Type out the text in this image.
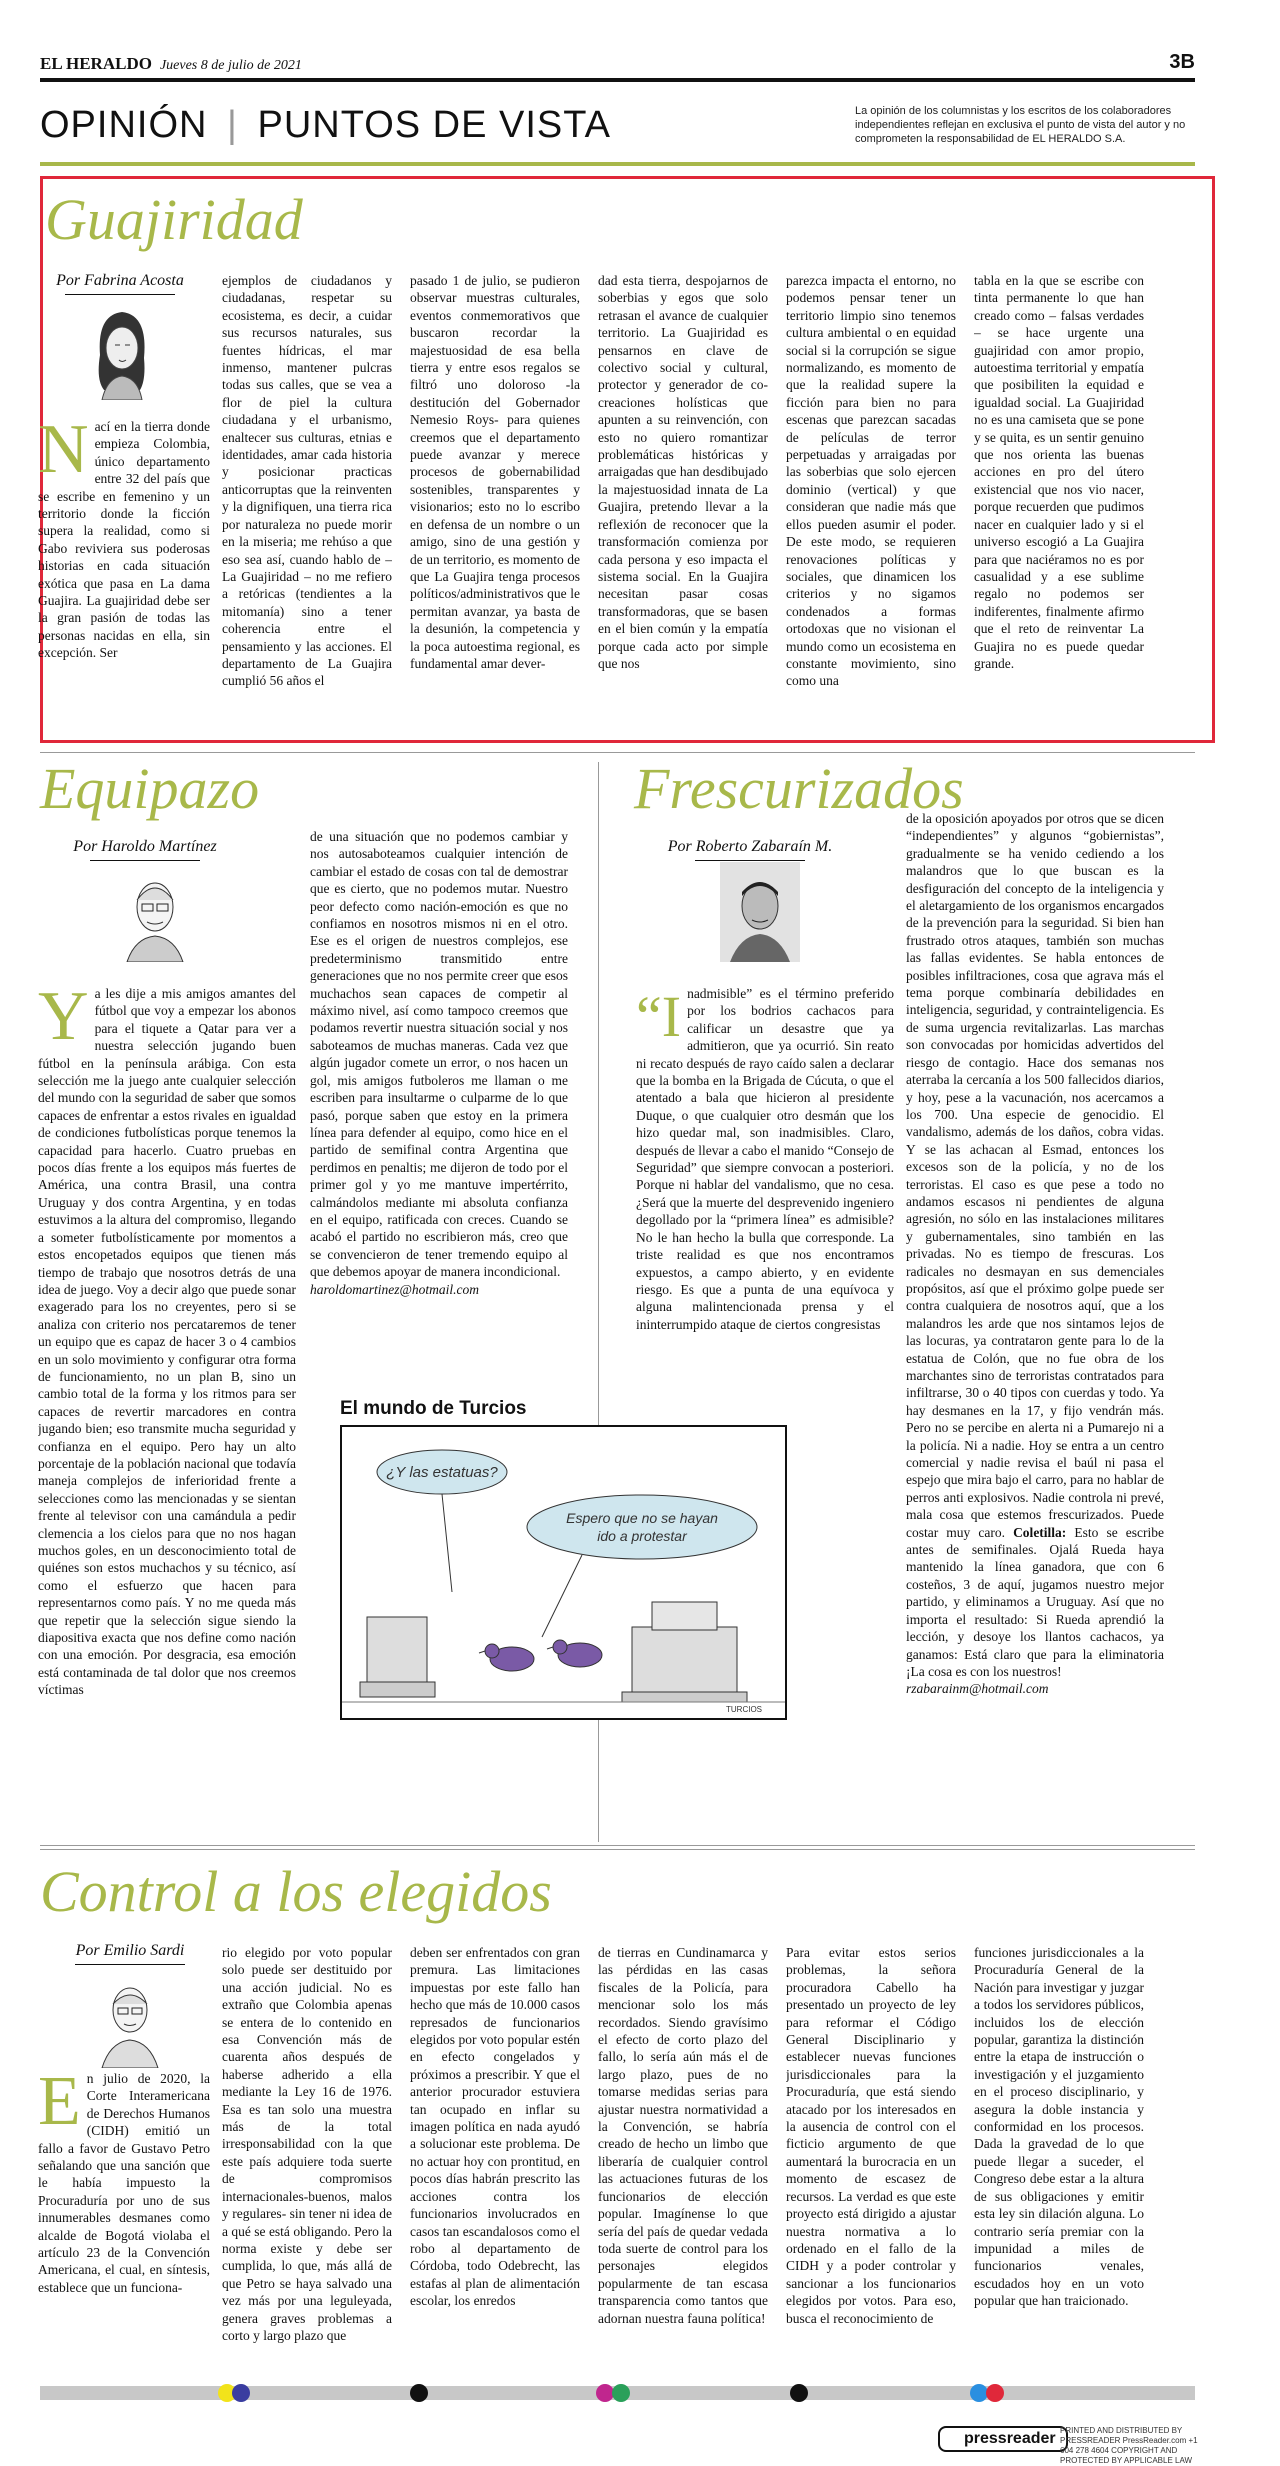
EL HERALDO Jueves 8 de julio de 2021	3B
OPINIÓN | PUNTOS DE VISTA	La opinión de los columnistas y los escritos de los colaboradores independientes reflejan en exclusiva el punto de vista del autor y no comprometen la responsabilidad de EL HERALDO S.A.
Guajiridad
Por Fabrina Acosta
Nací en la tierra donde empieza Colombia, único departamento entre 32 del país que se escribe en femenino y un territorio donde la ficción supera la realidad, como si Gabo reviviera sus poderosas historias en cada situación exótica que pasa en La dama Guajira. La guajiridad debe ser la gran pasión de todas las personas nacidas en ella, sin excepción. Ser
ejemplos de ciudadanos y ciudadanas, respetar su ecosistema, es decir, a cuidar sus recursos naturales, sus fuentes hídricas, el mar inmenso, mantener pulcras todas sus calles, que se vea a flor de piel la cultura ciudadana y el urbanismo, enaltecer sus culturas, etnias e identidades, amar cada historia y posicionar practicas anticorruptas que la reinventen y la dignifiquen, una tierra rica por naturaleza no puede morir en la miseria; me rehúso a que eso sea así, cuando hablo de – La Guajiridad – no me refiero a retóricas (tendientes a la mitomanía) sino a tener coherencia entre el pensamiento y las acciones. El departamento de La Guajira cumplió 56 años el
pasado 1 de julio, se pudieron observar muestras culturales, eventos conmemorativos que buscaron recordar la majestuosidad de esa bella tierra y entre esos regalos se filtró uno doloroso -la destitución del Gobernador Nemesio Roys- para quienes creemos que el departamento puede avanzar y merece procesos de gobernabilidad sostenibles, transparentes y visionarios; esto no lo escribo en defensa de un nombre o un amigo, sino de una gestión y de un territorio, es momento de que La Guajira tenga procesos políticos/administrativos que le permitan avanzar, ya basta de la desunión, la competencia y la poca autoestima regional, es fundamental amar dever-
dad esta tierra, despojarnos de soberbias y egos que solo retrasan el avance de cualquier territorio. La Guajiridad es pensarnos en clave de colectivo social y cultural, protector y generador de co-creaciones holísticas que apunten a su reinvención, con esto no quiero romantizar problemáticas históricas y arraigadas que han desdibujado la majestuosidad innata de La Guajira, pretendo llevar a la reflexión de reconocer que la transformación comienza por cada persona y eso impacta el sistema social. En la Guajira necesitan pasar cosas transformadoras, que se basen en el bien común y la empatía porque cada acto por simple que nos
parezca impacta el entorno, no podemos pensar tener un territorio limpio sino tenemos cultura ambiental o en equidad social si la corrupción se sigue normalizando, es momento de que la realidad supere la ficción para bien no para escenas que parezcan sacadas de películas de terror perpetuadas y arraigadas por las soberbias que solo ejercen dominio (vertical) y que consideran que nadie más que ellos pueden asumir el poder. De este modo, se requieren renovaciones políticas y sociales, que dinamicen los criterios y no sigamos condenados a formas ortodoxas que no visionan el mundo como un ecosistema en constante movimiento, sino como una
tabla en la que se escribe con tinta permanente lo que han creado como – falsas verdades – se hace urgente una guajiridad con amor propio, autoestima territorial y empatía que posibiliten la equidad e igualdad social. La Guajiridad no es una camiseta que se pone y se quita, es un sentir genuino que nos orienta las buenas acciones en pro del útero existencial que nos vio nacer, porque recuerden que pudimos nacer en cualquier lado y si el universo escogió a La Guajira para que naciéramos no es por casualidad y a ese sublime regalo no podemos ser indiferentes, finalmente afirmo que el reto de reinventar La Guajira no es puede quedar grande.
Equipazo
Por Haroldo Martínez
Ya les dije a mis amigos amantes del fútbol que voy a empezar los abonos para el tiquete a Qatar para ver a nuestra selección jugando buen fútbol en la península arábiga. Con esta selección me la juego ante cualquier selección del mundo con la seguridad de saber que somos capaces de enfrentar a estos rivales en igualdad de condiciones futbolísticas porque tenemos la capacidad para hacerlo. Cuatro pruebas en pocos días frente a los equipos más fuertes de América, una contra Brasil, una contra Uruguay y dos contra Argentina, y en todas estuvimos a la altura del compromiso, llegando a someter futbolísticamente por momentos a estos encopetados equipos que tienen más tiempo de trabajo que nosotros detrás de una idea de juego. Voy a decir algo que puede sonar exagerado para los no creyentes, pero si se analiza con criterio nos percataremos de tener un equipo que es capaz de hacer 3 o 4 cambios en un solo movimiento y configurar otra forma de funcionamiento, no un plan B, sino un cambio total de la forma y los ritmos para ser capaces de revertir marcadores en contra jugando bien; eso transmite mucha seguridad y confianza en el equipo. Pero hay un alto porcentaje de la población nacional que todavía maneja complejos de inferioridad frente a selecciones como las mencionadas y se sientan frente al televisor con una camándula a pedir clemencia a los cielos para que no nos hagan muchos goles, en un desconocimiento total de quiénes son estos muchachos y su técnico, así como el esfuerzo que hacen para representarnos como país. Y no me queda más que repetir que la selección sigue siendo la diapositiva exacta que nos define como nación con una emoción. Por desgracia, esa emoción está contaminada de tal dolor que nos creemos víctimas
de una situación que no podemos cambiar y nos autosaboteamos cualquier intención de cambiar el estado de cosas con tal de demostrar que es cierto, que no podemos mutar. Nuestro peor defecto como nación-emoción es que no confiamos en nosotros mismos ni en el otro. Ese es el origen de nuestros complejos, ese predeterminismo transmitido entre generaciones que no nos permite creer que esos muchachos sean capaces de competir al máximo nivel, así como tampoco creemos que podamos revertir nuestra situación social y nos saboteamos de muchas maneras. Cada vez que algún jugador comete un error, o nos hacen un gol, mis amigos futboleros me llaman o me escriben para insultarme o culparme de lo que pasó, porque saben que estoy en la primera línea para defender al equipo, como hice en el partido de semifinal contra Argentina que perdimos en penaltis; me dijeron de todo por el primer gol y yo me mantuve impertérrito, calmándolos mediante mi absoluta confianza en el equipo, ratificada con creces. Cuando se acabó el partido no escribieron más, creo que se convencieron de tener tremendo equipo al que debemos apoyar de manera incondicional.
haroldomartinez@hotmail.com
Frescurizados
Por Roberto Zabaraín M.
“Inadmisible” es el término preferido por los bodrios cachacos para calificar un desastre que ya admitieron, que ya ocurrió. Sin reato ni recato después de rayo caído salen a declarar que la bomba en la Brigada de Cúcuta, o que el atentado a bala que hicieron al presidente Duque, o que cualquier otro desmán que los hizo quedar mal, son inadmisibles. Claro, después de llevar a cabo el manido “Consejo de Seguridad” que siempre convocan a posteriori. Porque ni hablar del vandalismo, que no cesa. ¿Será que la muerte del desprevenido ingeniero degollado por la “primera línea” es admisible? No le han hecho la bulla que corresponde. La triste realidad es que nos encontramos expuestos, a campo abierto, y en evidente riesgo. Es que a punta de una equívoca y alguna malintencionada prensa y el ininterrumpido ataque de ciertos congresistas
de la oposición apoyados por otros que se dicen “independientes” y algunos “gobiernistas”, gradualmente se ha venido cediendo a los malandros que lo que buscan es la desfiguración del concepto de la inteligencia y el aletargamiento de los organismos encargados de la prevención para la seguridad. Si bien han frustrado otros ataques, también son muchas las fallas evidentes. Se habla entonces de posibles infiltraciones, cosa que agrava más el tema porque combinaría debilidades en inteligencia, seguridad, y contrainteligencia. Es de suma urgencia revitalizarlas. Las marchas son convocadas por homicidas advertidos del riesgo de contagio. Hace dos semanas nos aterraba la cercanía a los 500 fallecidos diarios, y hoy, pese a la vacunación, nos acercamos a los 700. Una especie de genocidio. El vandalismo, además de los daños, cobra vidas. Y se las achacan al Esmad, entonces los excesos son de la policía, y no de los terroristas. El caso es que pese a todo no andamos escasos ni pendientes de alguna agresión, no sólo en las instalaciones militares y gubernamentales, sino también en las privadas. No es tiempo de frescuras. Los radicales no desmayan en sus demenciales propósitos, así que el próximo golpe puede ser contra cualquiera de nosotros aquí, que a los malandros les arde que nos sintamos lejos de las locuras, ya contrataron gente para lo de la estatua de Colón, que no fue obra de los marchantes sino de terroristas contratados para infiltrarse, 30 o 40 tipos con cuerdas y todo. Ya hay desmanes en la 17, y fijo vendrán más. Pero no se percibe en alerta ni a Pumarejo ni a la policía. Ni a nadie. Hoy se entra a un centro comercial y nadie revisa el baúl ni pasa el espejo que mira bajo el carro, para no hablar de perros anti explosivos. Nadie controla ni prevé, mala cosa que estemos frescurizados. Puede costar muy caro. Coletilla: Esto se escribe antes de semifinales. Ojalá Rueda haya mantenido la línea ganadora, que con 6 costeños, 3 de aquí, jugamos nuestro mejor partido, y eliminamos a Uruguay. Así que no importa el resultado: Si Rueda aprendió la lección, y desoye los llantos cachacos, ya ganamos: Está claro que para la eliminatoria ¡La cosa es con los nuestros!
rzabarainm@hotmail.com
El mundo de Turcios
¿Y las estatuas?
Espero que no se hayan
ido a protestar
TURCIOS
Control a los elegidos
Por Emilio Sardi
En julio de 2020, la Corte Interamericana de Derechos Humanos (CIDH) emitió un fallo a favor de Gustavo Petro señalando que una sanción que le había impuesto la Procuraduría por uno de sus innumerables desmanes como alcalde de Bogotá violaba el artículo 23 de la Convención Americana, el cual, en síntesis, establece que un funciona-
rio elegido por voto popular solo puede ser destituido por una acción judicial. No es extraño que Colombia apenas se entera de lo contenido en esa Convención más de cuarenta años después de haberse adherido a ella mediante la Ley 16 de 1976. Esa es tan solo una muestra más de la total irresponsabilidad con la que este país adquiere toda suerte de compromisos internacionales-buenos, malos y regulares- sin tener ni idea de a qué se está obligando. Pero la norma existe y debe ser cumplida, lo que, más allá de que Petro se haya salvado una vez más por una leguleyada, genera graves problemas a corto y largo plazo que
deben ser enfrentados con gran premura. Las limitaciones impuestas por este fallo han hecho que más de 10.000 casos represados de funcionarios elegidos por voto popular estén en efecto congelados y próximos a prescribir. Y que el anterior procurador estuviera tan ocupado en inflar su imagen política en nada ayudó a solucionar este problema. De no actuar hoy con prontitud, en pocos días habrán prescrito las acciones contra los funcionarios involucrados en casos tan escandalosos como el robo al departamento de Córdoba, todo Odebrecht, las estafas al plan de alimentación escolar, los enredos
de tierras en Cundinamarca y las pérdidas en las casas fiscales de la Policía, para mencionar solo los más recordados. Siendo gravísimo el efecto de corto plazo del fallo, lo sería aún más el de largo plazo, pues de no tomarse medidas serias para ajustar nuestra normatividad a la Convención, se habría creado de hecho un limbo que liberaría de cualquier control las actuaciones futuras de los funcionarios de elección popular. Imagínense lo que sería del país de quedar vedada toda suerte de control para los personajes elegidos popularmente de tan escasa transparencia como tantos que adornan nuestra fauna política!
Para evitar estos serios problemas, la señora procuradora Cabello ha presentado un proyecto de ley para reformar el Código General Disciplinario y establecer nuevas funciones jurisdiccionales para la Procuraduría, que está siendo atacado por los interesados en la ausencia de control con el ficticio argumento de que aumentará la burocracia en un momento de escasez de recursos. La verdad es que este proyecto está dirigido a ajustar nuestra normativa a lo ordenado en el fallo de la CIDH y a poder controlar y sancionar a los funcionarios elegidos por votos. Para eso, busca el reconocimiento de
funciones jurisdiccionales a la Procuraduría General de la Nación para investigar y juzgar a todos los servidores públicos, incluidos los de elección popular, garantiza la distinción entre la etapa de instrucción o investigación y el juzgamiento en el proceso disciplinario, y asegura la doble instancia y conformidad en los procesos. Dada la gravedad de lo que puede llegar a suceder, el Congreso debe estar a la altura de sus obligaciones y emitir esta ley sin dilación alguna. Lo contrario sería premiar con la impunidad a miles de funcionarios venales, escudados hoy en un voto popular que han traicionado.
pressreader PRINTED AND DISTRIBUTED BY PRESSREADER PressReader.com +1 604 278 4604 COPYRIGHT AND PROTECTED BY APPLICABLE LAW
